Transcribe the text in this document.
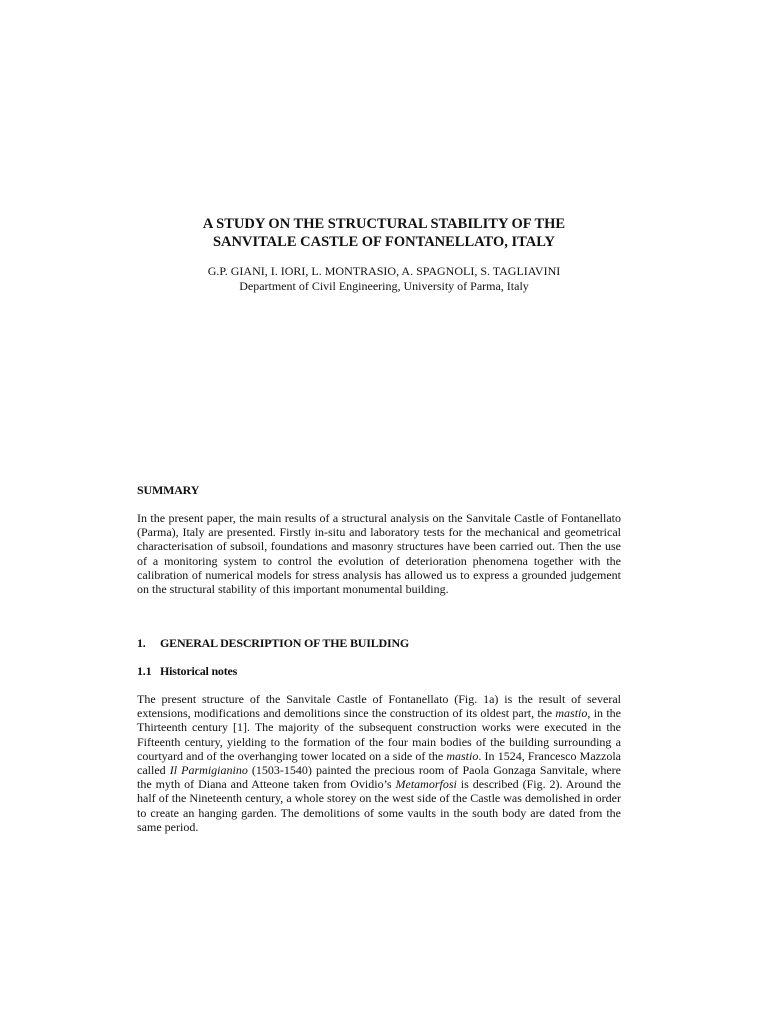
A STUDY ON THE STRUCTURAL STABILITY OF THE
SANVITALE CASTLE OF FONTANELLATO, ITALY

G.P. GIANI, I. IORI, L. MONTRASIO, A. SPAGNOLI, S. TAGLIAVINI

Department of Civil Engineering, University of Parma, Italy

SUMMARY

In the present paper, the main results of a structural analysis on the Sanvitale Castle of Fontanellato (Parma), Italy are presented. Firstly in-situ and laboratory tests for the mechanical and geometrical characterisation of subsoil, foundations and masonry structures have been carried out. Then the use of a monitoring system to control the evolution of deterioration phenomena together with the calibration of numerical models for stress analysis has allowed us to express a grounded judgement on the structural stability of this important monumental building.

1. GENERAL DESCRIPTION OF THE BUILDING
1.1 Historical notes

The present structure of the Sanvitale Castle of Fontanellato (Fig. 1a) is the result of several extensions, modifications and demolitions since the construction of its oldest part, the mastio, in the Thirteenth century [1]. The majority of the subsequent construction works were executed in the Fifteenth century, yielding to the formation of the four main bodies of the building surrounding a courtyard and of the overhanging tower located on a side of the mastio. In 1524, Francesco Mazzola called Il Parmigianino (1503-1540) painted the precious room of Paola Gonzaga Sanvitale, where the myth of Diana and Atteone taken from Ovidio’s Metamorfosi is described (Fig. 2). Around the half of the Nineteenth century, a whole storey on the west side of the Castle was demolished in order to create an hanging garden. The demolitions of some vaults in the south body are dated from the same period.
